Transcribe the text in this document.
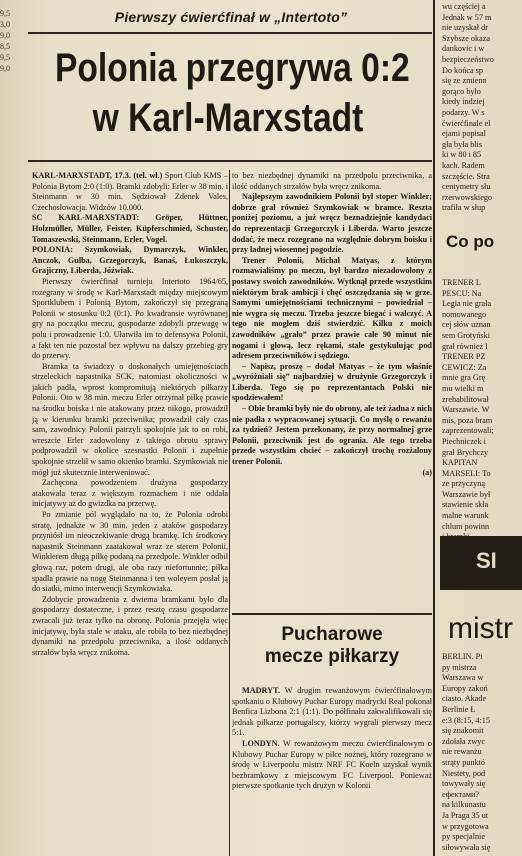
9,5
3,0
9,0
8,5
9,5
9,0
Pierwszy ćwierćfinał w „Intertoto”
Polonia przegrywa 0:2
w Karl-Marxstadt

KARL-MARXSTADT, 17.3. (tel. wł.) Sport Club KMS – Polonia Bytom 2:0 (1:0). Bramki zdobyli: Erler w 38 min. i Steinmann w 30 min. Sędziował Zdenek Vales, Czechosłowacja. Widzów 10.000.

SC KARL-MARXSTADT: Gröper, Hüttner, Holzmüller, Müller, Feister, Küpferschmied, Schuster, Tomaszewski, Steinmann, Erler, Vogel.

POLONIA: Szymkowiak, Dymarczyk, Winkler, Anczok, Gulba, Grzegorczyk, Banaś, Łukoszczyk, Grajiczny, Liberda, Jóźwiak.

Pierwszy ćwierćfinał turnieju Intertoto 1964/65, rozegrany w środę w Karl-Marxstadt między miejscowym Sportklubem i Polonią Bytom, zakończył się przegraną Polonii w stosunku 0:2 (0:1). Po kwadransie wyrównanej gry na początku meczu, gospodarze zdobyli przewagę w polu i prowadzenie 1:0. Ułatwiła im to defensywa Polonii, a fakt ten nie pozostał bez wpływu na dalszy przebieg gry do przerwy.

Bramka ta świadczy o doskonałych umiejętnościach strzeleckich napastnika SCK, natomiast okoliczności w jakich padła, wprost kompromitują niektórych piłkarzy Polonii. Oto w 38 min. meczu Erler otrzymał piłkę prawie na środku boiska i nie atakowany przez nikogo, prowadził ją w kierunku bramki przeciwnika; prowadził cały czas sam, zawodnicy Polonii patrzyli spokojnie jak to on robi, wreszcie Erler zadowolony z takiego obrotu sprawy podprowadził w okolice szesnastki Polonii i zupełnie spokojnie strzelił w samo okienko bramki. Szymkowiak nie mógł już skutecznie interweniować.

Zachęcona powodzeniem drużyna gospodarzy atakowała teraz z większym rozmachem i nie oddała inicjatywy aż do gwizdka na przerwę.

Po zmianie pól wyglądało na to, że Polonia odrobi stratę, jednakże w 30 min. jeden z ataków gospodarzy przyniósł im nieoczekiwanie drugą bramkę. Ich środkowy napastnik Steinmann zaatakował wraz ze sterem Polonii, Winklerem długą piłkę podaną na przedpole. Winkler odbił głową raz, potem drugi, ale oba razy niefortunnie; piłka spadła prawie na nogę Steinmanna i ten woleyem posłał ją do siatki, mimo interwencji Szymkowiaka.

Zdobycie prowadzenia z dwiema bramkami było dla gospodarzy dostateczne, i przez resztę czasu gospodarze zwracali już teraz tylko na obronę. Polonia przejęła więc inicjatywę, była stale w ataku, ale robiła to bez niezbędnej dynamiki na przedpolu przeciwnika, a ilość oddanych strzałów była wręcz znikoma.

to bez niezbędnej dynamiki na przedpolu przeciwnika, a ilość oddanych strzałów była wręcz znikoma.

Najlepszym zawodnikiem Polonii był stoper Winkler; dobrze grał również Szymkowiak w bramce. Reszta poniżej poziomu, a już wręcz beznadziejnie kandydaci do reprezentacji Grzegorczyk i Liberda. Warto jeszcze dodać, że mecz rozegrano na względnie dobrym boisku i przy ładnej wiosennej pogodzie.

Trener Polonii, Michał Matyas, z którym rozmawialiśmy po meczu, był bardzo niezadowolony z postawy swoich zawodników. Wytknął przede wszystkim niektórym brak ambicji i chęć oszczędzania się w grze. Samymi umiejętnościami technicznymi – powiedział – nie wygra się meczu. Trzeba jeszcze biegać i walczyć. A tego nie mogłem dziś stwierdzić. Kilku z moich zawodników „grało” przez prawie całe 90 minut nie nogami i głową, lecz rękami, stale gestykulując pod adresem przeciwników i sędziego.

– Napisz, proszę – dodał Matyas – że tym właśnie „wyróżniali się” najbardziej w drużynie Grzegorczyk i Liberda. Tego się po reprezentantach Polski nie spodziewałem!

– Obie bramki były nie do obrony, ale też żadna z nich nie padła z wypracowanej sytuacji. Co myślę o rewanżu za tydzień? Jestem przekonany, że przy normalnej grze Polonii, przeciwnik jest do ogrania. Ale tego trzeba przede wszystkim chcieć – zakończył trochę rozżalony trener Polonii.

(a)
Pucharowe
mecze piłkarzy

MADRYT. W drugim rewanżowym ćwierćfinałowym spotkaniu o Klubowy Puchar Europy madrycki Real pokonał Benfica Lizbona 2:1 (1:1). Do półfinału zakwalifikowali się jednak piłkarze portugalscy, którzy wygrali pierwszy mecz 5:1.

LONDYN. W rewanżowym meczu ćwierćfinałowym o Klubowy Puchar Europy w piłce nożnej, który rozegrano w środę w Liverpoolu mistrz NRF FC Koeln uzyskał wynik bezbramkowy z miejscowym FC Liverpool. Ponieważ pierwsze spotkanie tych drużyn w Kolonii

wu częściej a
Jednak w 57 m
nie uzyskał dr
Szybsze okaza
dankovic i w
bezpieczeństwo
Do końca sp
się ze zmienn
gorąco było
kiedy indziej
podarzy. W s
ćwierćfinale el
ejami popisal
gła była blis
ki w 80 i 85
kach. Radem
szczęście. Stra
centymetry słu
rzerwowskiego
trafiła w słup
Co po
TRENER L
PESCU: Na
Legia nie grała
nomowanego
cej słów uznan
sem Grotyński
grał również l
TRENER PZ
CEWICZ: Za
mnie gra Grę
mu wielki m
zrehabilitował
Warszawie. W
mis, poza bram
zaprezentowali;
Piechniczek i
grał Brychczy
KAPITAN
MARSELI: To
ze przyczyną
Warszawie był
stawienie skła
malne warunk
chlum powinn
SI
mistr
BERLIN. Pi
py mistrza
Warszawa w
Europy zakoń
ciasto. Akade
Berlinie Ł
e:3 (8:15, 4:15
się znakomit
zdołała zwyc
nie rewanżu
strąty punktó
Niestety, pod
towywały się
ефектами?
na kilkunastu
Ja Praga 35 ut
w przygotowa
py specjalnie
siłowywała się
